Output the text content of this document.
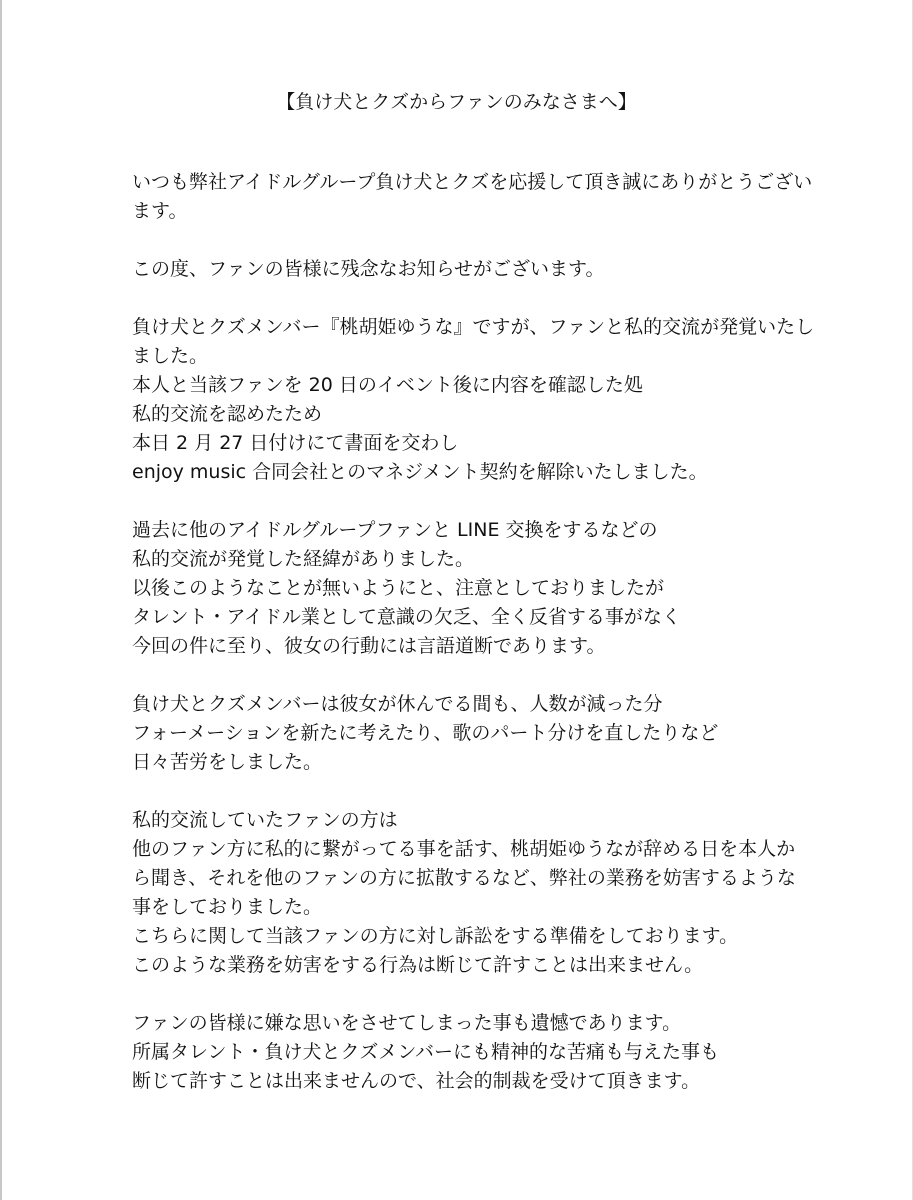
【負け犬とクズからファンのみなさまへ】
いつも弊社アイドルグループ負け犬とクズを応援して頂き誠にありがとうござい
ます。
この度、ファンの皆様に残念なお知らせがございます。
負け犬とクズメンバー『桃胡姫ゆうな』ですが、ファンと私的交流が発覚いたし
ました。
本人と当該ファンを 20 日のイベント後に内容を確認した処
私的交流を認めたため
本日 2 月 27 日付けにて書面を交わし
enjoy music 合同会社とのマネジメント契約を解除いたしました。
過去に他のアイドルグループファンと LINE 交換をするなどの
私的交流が発覚した経緯がありました。
以後このようなことが無いようにと、注意としておりましたが
タレント・アイドル業として意識の欠乏、全く反省する事がなく
今回の件に至り、彼女の行動には言語道断であります。
負け犬とクズメンバーは彼女が休んでる間も、人数が減った分
フォーメーションを新たに考えたり、歌のパート分けを直したりなど
日々苦労をしました。
私的交流していたファンの方は
他のファン方に私的に繋がってる事を話す、桃胡姫ゆうなが辞める日を本人か
ら聞き、それを他のファンの方に拡散するなど、弊社の業務を妨害するような
事をしておりました。
こちらに関して当該ファンの方に対し訴訟をする準備をしております。
このような業務を妨害をする行為は断じて許すことは出来ません。
ファンの皆様に嫌な思いをさせてしまった事も遺憾であります。
所属タレント・負け犬とクズメンバーにも精神的な苦痛も与えた事も
断じて許すことは出来ませんので、社会的制裁を受けて頂きます。
